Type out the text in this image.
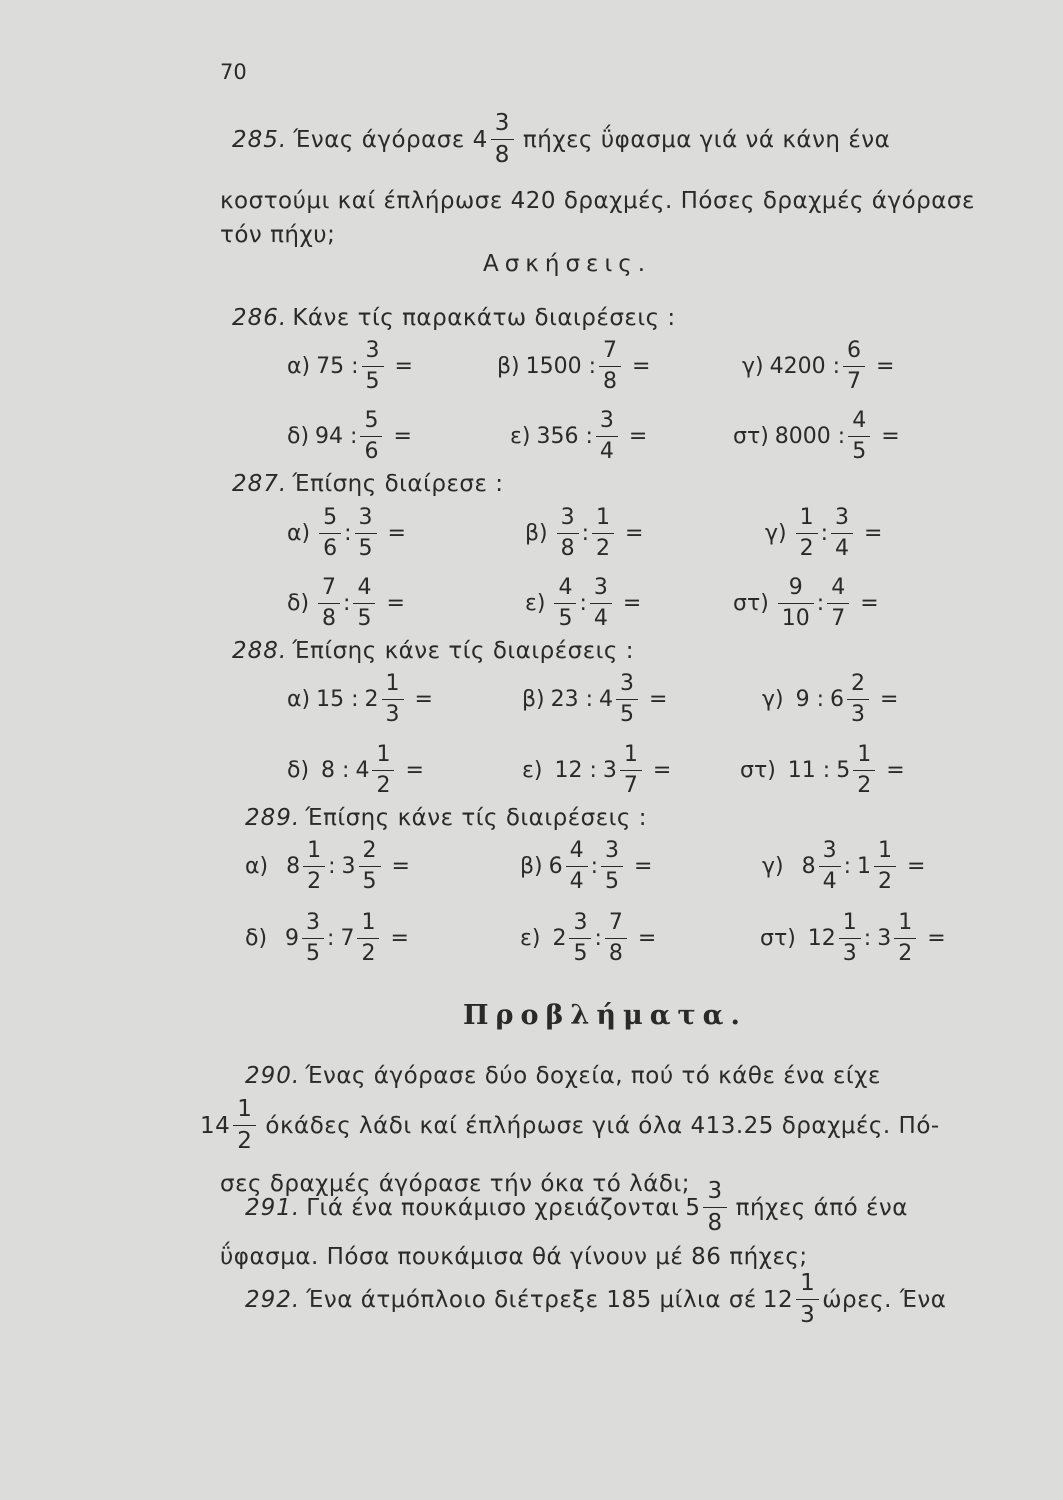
70
285. Ένας άγόρασε $4 \frac{3}{8}$ πήχες ΰφασμα γιά νά κάνη ένα
κοστούμι καί έπλήρωσε 420 δραχμές. Πόσες δραχμές άγόρασε
τόν πήχυ;
Ασκήσεις.
286. Κάνε τίς παρακάτω διαιρέσεις :
α) 75 : $\frac{3}{5}$ =	β) 1500 : $\frac{7}{8}$ =	γ) 4200 : $\frac{6}{7}$ =
δ) 94 : $\frac{5}{6}$ =	ε) 356 : $\frac{3}{4}$ =	στ) 8000 : $\frac{4}{5}$ =
287. Έπίσης διαίρεσε :
$\alpha) \frac{5}{6}$ : $\frac{3}{5}$ =	$\beta) \frac{3}{8}$ : $\frac{1}{2}$ =	$\gamma) \frac{1}{2}$ : $\frac{3}{4}$ =
$\delta) \frac{7}{8}$ : $\frac{4}{5}$ =	$\varepsilon) \frac{4}{5}$ : $\frac{3}{4}$ =	$\sigma\tau) \frac{9}{10}$ : $\frac{4}{7}$ =
288. Έπίσης κάνε τίς διαιρέσεις :
α) 15 : $2 \frac{1}{3}$ =	β) 23 : $4 \frac{3}{5}$ =	γ) 9 : $6 \frac{2}{3}$ =
δ) 8 : $4 \frac{1}{2}$ =	ε) 12 : $3 \frac{1}{7}$ =	στ) 11 : $5 \frac{1}{2}$ =
289. Έπίσης κάνε τίς διαιρέσεις :
α) $8 \frac{1}{2}$ : $3 \frac{2}{5}$ =	β) $6 \frac{4}{4}$ : $\frac{3}{5}$ =	γ) $8 \frac{3}{4}$ : $1 \frac{1}{2}$ =
δ) $9 \frac{3}{5}$ : $7 \frac{1}{2}$ =	ε) $2 \frac{3}{5}$ : $\frac{7}{8}$ =	στ) $12 \frac{1}{3}$ : $3 \frac{1}{2}$ =
Προβλήματα.
290. Ένας άγόρασε δύο δοχεία, πού τό κάθε ένα είχε
$14 \frac{1}{2}$ όκάδες λάδι καί έπλήρωσε γιά όλα 413.25 δραχμές. Πό-
σες δραχμές άγόρασε τήν όκα τό λάδι;
291. Γιά ένα πουκάμισο χρειάζονται $5 \frac{3}{8}$ πήχες άπό ένα
ΰφασμα. Πόσα πουκάμισα θά γίνουν μέ 86 πήχες;
292. Ένα άτμόπλοιο διέτρεξε 185 μίλια σέ $12 \frac{1}{3} ώ\rho\varepsilon\varsigma$. Ένα
